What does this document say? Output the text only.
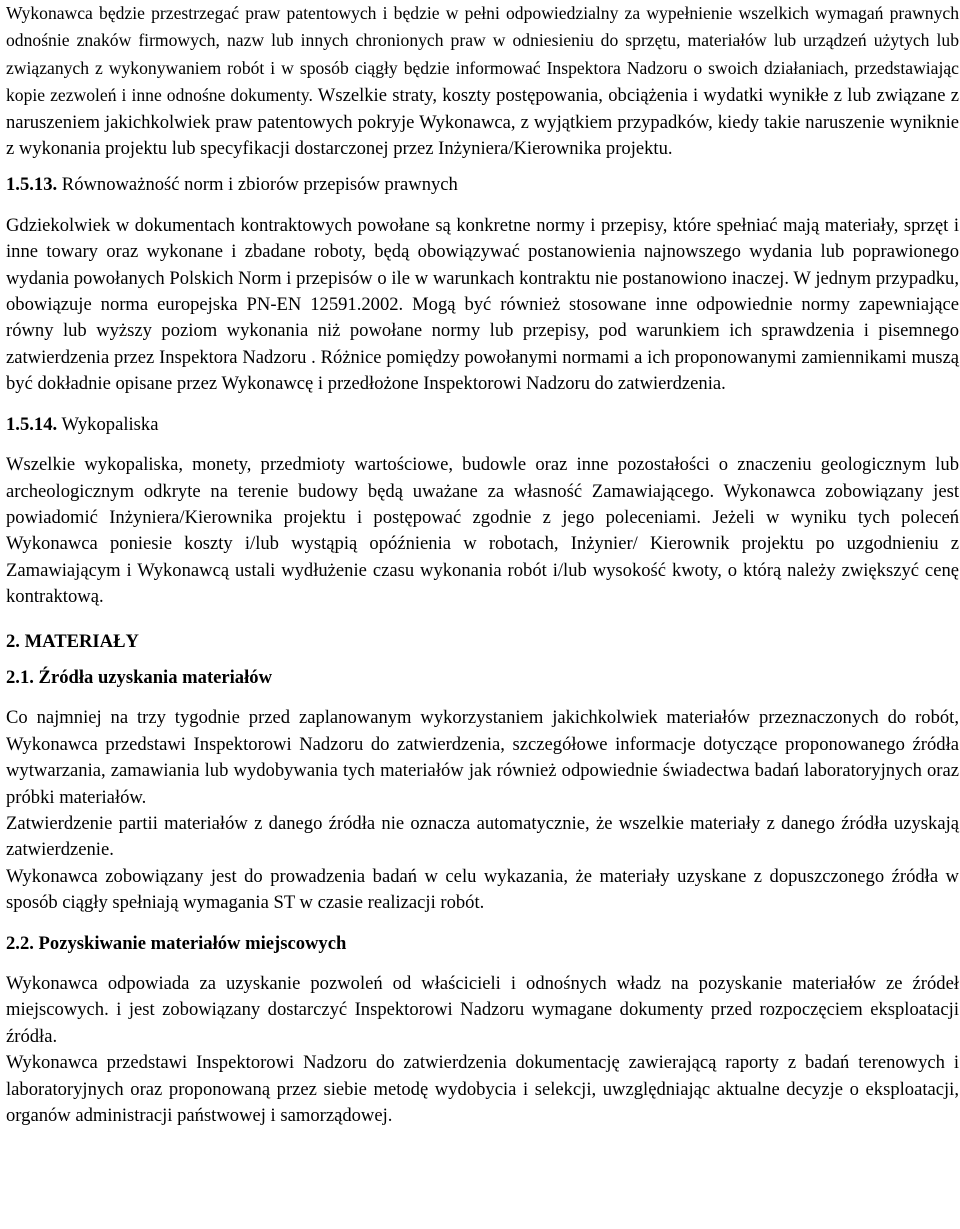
Wykonawca będzie przestrzegać praw patentowych i będzie w pełni odpowiedzialny za wypełnienie wszelkich wymagań prawnych odnośnie znaków firmowych, nazw lub innych chronionych praw w odniesieniu do sprzętu, materiałów lub urządzeń użytych lub związanych z wykonywaniem robót i w sposób ciągły będzie informować Inspektora Nadzoru o swoich działaniach, przedstawiając kopie zezwoleń i inne odnośne dokumenty. Wszelkie straty, koszty postępowania, obciążenia i wydatki wynikłe z lub związane z naruszeniem jakichkolwiek praw patentowych pokryje Wykonawca, z wyjątkiem przypadków, kiedy takie naruszenie wyniknie z wykonania projektu lub specyfikacji dostarczonej przez Inżyniera/Kierownika projektu.

1.5.13. Równoważność norm i zbiorów przepisów prawnych

Gdziekolwiek w dokumentach kontraktowych powołane są konkretne normy i przepisy, które spełniać mają materiały, sprzęt i inne towary oraz wykonane i zbadane roboty, będą obowiązywać postanowienia najnowszego wydania lub poprawionego wydania powołanych Polskich Norm i przepisów o ile w warunkach kontraktu nie postanowiono inaczej. W jednym przypadku, obowiązuje norma europejska PN-EN 12591.2002. Mogą być również stosowane inne odpowiednie normy zapewniające równy lub wyższy poziom wykonania niż powołane normy lub przepisy, pod warunkiem ich sprawdzenia i pisemnego zatwierdzenia przez Inspektora Nadzoru . Różnice pomiędzy powołanymi normami a ich proponowanymi zamiennikami muszą być dokładnie opisane przez Wykonawcę i przedłożone Inspektorowi Nadzoru do zatwierdzenia.

1.5.14. Wykopaliska

Wszelkie wykopaliska, monety, przedmioty wartościowe, budowle oraz inne pozostałości o znaczeniu geologicznym lub archeologicznym odkryte na terenie budowy będą uważane za własność Zamawiającego. Wykonawca zobowiązany jest powiadomić Inżyniera/Kierownika projektu i postępować zgodnie z jego poleceniami. Jeżeli w wyniku tych poleceń Wykonawca poniesie koszty i/lub wystąpią opóźnienia w robotach, Inżynier/ Kierownik projektu po uzgodnieniu z Zamawiającym i Wykonawcą ustali wydłużenie czasu wykonania robót i/lub wysokość kwoty, o którą należy zwiększyć cenę kontraktową.

2. MATERIAŁY

2.1. Źródła uzyskania materiałów

Co najmniej na trzy tygodnie przed zaplanowanym wykorzystaniem jakichkolwiek materiałów przeznaczonych do robót, Wykonawca przedstawi Inspektorowi Nadzoru do zatwierdzenia, szczegółowe informacje dotyczące proponowanego źródła wytwarzania, zamawiania lub wydobywania tych materiałów jak również odpowiednie świadectwa badań laboratoryjnych oraz próbki materiałów.

Zatwierdzenie partii materiałów z danego źródła nie oznacza automatycznie, że wszelkie materiały z danego źródła uzyskają zatwierdzenie.

Wykonawca zobowiązany jest do prowadzenia badań w celu wykazania, że materiały uzyskane z dopuszczonego źródła w sposób ciągły spełniają wymagania ST w czasie realizacji robót.

2.2. Pozyskiwanie materiałów miejscowych

Wykonawca odpowiada za uzyskanie pozwoleń od właścicieli i odnośnych władz na pozyskanie materiałów ze źródeł miejscowych. i jest zobowiązany dostarczyć Inspektorowi Nadzoru wymagane dokumenty przed rozpoczęciem eksploatacji źródła.

Wykonawca przedstawi Inspektorowi Nadzoru do zatwierdzenia dokumentację zawierającą raporty z badań terenowych i laboratoryjnych oraz proponowaną przez siebie metodę wydobycia i selekcji, uwzględniając aktualne decyzje o eksploatacji, organów administracji państwowej i samorządowej.
